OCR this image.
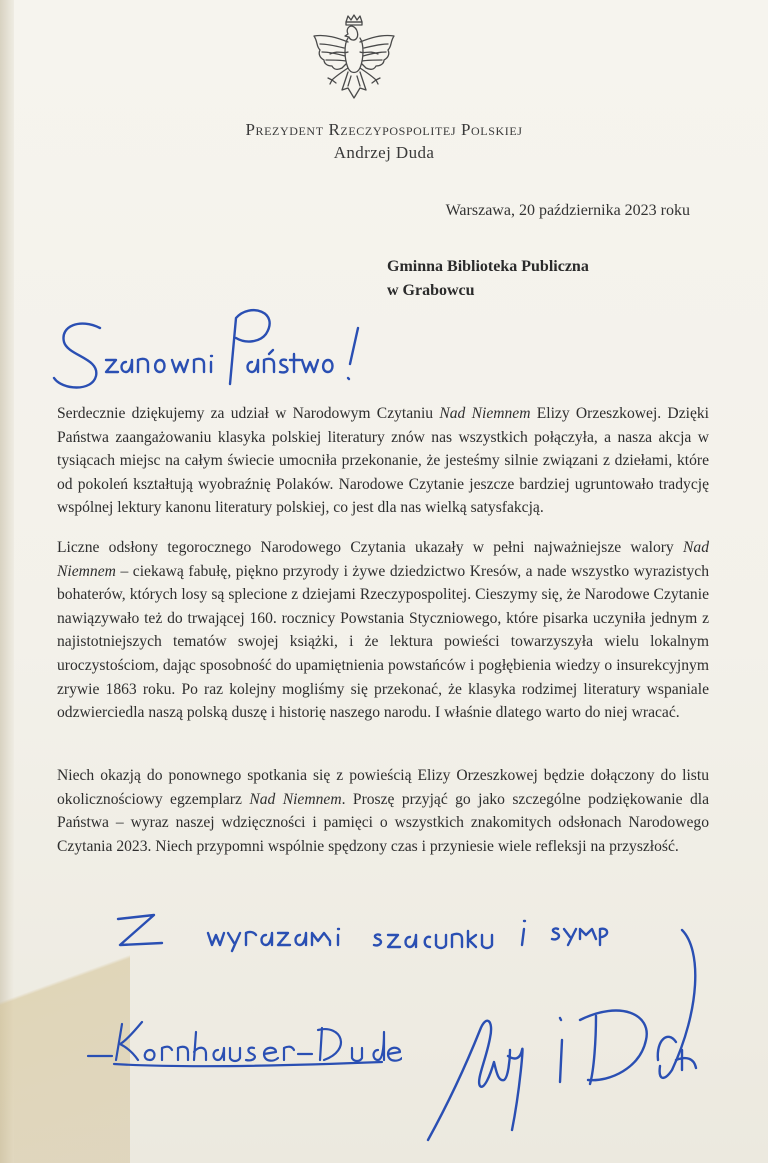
Prezydent Rzeczypospolitej Polskiej
Andrzej Duda
Warszawa, 20 października 2023 roku
Gminna Biblioteka Publiczna
w Grabowcu
Serdecznie dziękujemy za udział w Narodowym Czytaniu Nad Niemnem Elizy Orzeszkowej. Dzięki Państwa zaangażowaniu klasyka polskiej literatury znów nas wszystkich połączyła, a nasza akcja w tysiącach miejsc na całym świecie umocniła przekonanie, że jesteśmy silnie związani z dziełami, które od pokoleń kształtują wyobraźnię Polaków. Narodowe Czytanie jeszcze bardziej ugruntowało tradycję wspólnej lektury kanonu literatury polskiej, co jest dla nas wielką satysfakcją.
Liczne odsłony tegorocznego Narodowego Czytania ukazały w pełni najważniejsze walory Nad Niemnem – ciekawą fabułę, piękno przyrody i żywe dziedzictwo Kresów, a nade wszystko wyrazistych bohaterów, których losy są splecione z dziejami Rzeczypospolitej. Cieszymy się, że Narodowe Czytanie nawiązywało też do trwającej 160. rocznicy Powstania Styczniowego, które pisarka uczyniła jednym z najistotniejszych tematów swojej książki, i że lektura powieści towarzyszyła wielu lokalnym uroczystościom, dając sposobność do upamiętnienia powstańców i pogłębienia wiedzy o insurekcyjnym zrywie 1863 roku. Po raz kolejny mogliśmy się przekonać, że klasyka rodzimej literatury wspaniale odzwierciedla naszą polską duszę i historię naszego narodu. I właśnie dlatego warto do niej wracać.
Niech okazją do ponownego spotkania się z powieścią Elizy Orzeszkowej będzie dołączony do listu okolicznościowy egzemplarz Nad Niemnem. Proszę przyjąć go jako szczególne podziękowanie dla Państwa – wyraz naszej wdzięczności i pamięci o wszystkich znakomitych odsłonach Narodowego Czytania 2023. Niech przypomni wspólnie spędzony czas i przyniesie wiele refleksji na przyszłość.
